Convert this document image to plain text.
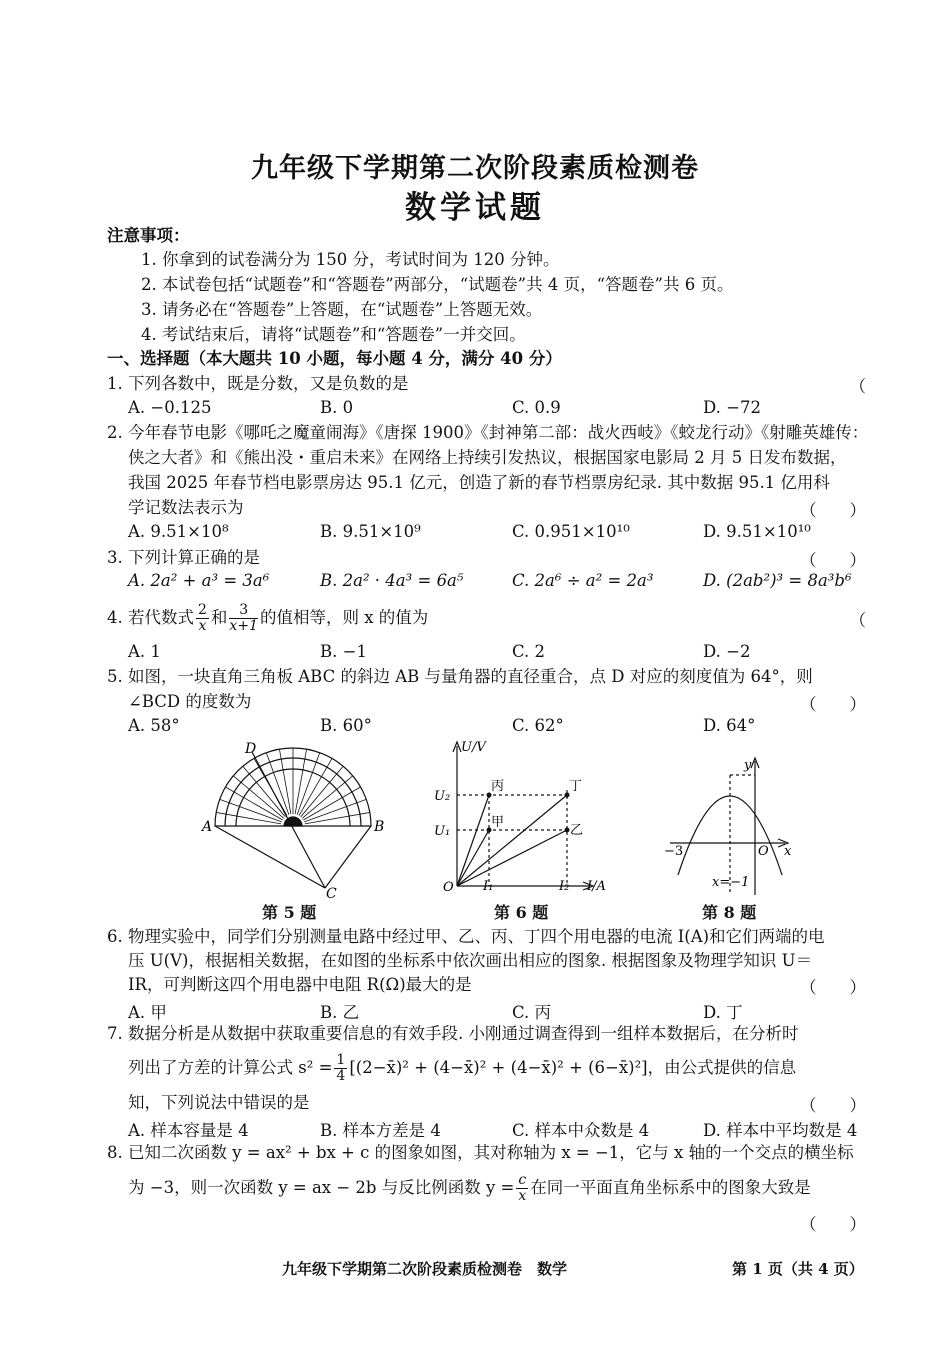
九年级下学期第二次阶段素质检测卷
数学试题
注意事项：
1. 你拿到的试卷满分为 150 分，考试时间为 120 分钟。
2. 本试卷包括“试题卷”和“答题卷”两部分，“试题卷”共 4 页，“答题卷”共 6 页。
3. 请务必在“答题卷”上答题，在“试题卷”上答题无效。
4. 考试结束后，请将“试题卷”和“答题卷”一并交回。
一、选择题（本大题共 10 小题，每小题 4 分，满分 40 分）
1. 下列各数中，既是分数，又是负数的是	（
A. −0.125	B. 0	C. 0.9	D. −72
2. 今年春节电影《哪吒之魔童闹海》《唐探 1900》《封神第二部：战火西岐》《蛟龙行动》《射雕英雄传：
侠之大者》和《熊出没・重启未来》在网络上持续引发热议，根据国家电影局 2 月 5 日发布数据，
我国 2025 年春节档电影票房达 95.1 亿元，创造了新的春节档票房纪录. 其中数据 95.1 亿用科
学记数法表示为	（　　）
A. 9.51×10⁸	B. 9.51×10⁹	C. 0.951×10¹⁰	D. 9.51×10¹⁰
3. 下列计算正确的是	（　　）
A. 2a² + a³ = 3a⁶	B. 2a² · 4a³ = 6a⁵	C. 2a⁶ ÷ a² = 2a³	D. (2ab²)³ = 8a³b⁶
4. 若代数式 $\frac{2}{x}$ 和 $\frac{3}{x+1}$ 的值相等，则 x 的值为	（
A. 1	B. −1	C. 2	D. −2
5. 如图，一块直角三角板 ABC 的斜边 AB 与量角器的直径重合，点 D 对应的刻度值为 64°，则
∠BCD 的度数为	（　　）
A. 58°	B. 60°	C. 62°	D. 64°
D
A	B
C
第 5 题
U/V
I/A
O
U₂
U₁
I₁	I₂
丙	丁
甲
乙
第 6 题
y
x
O
−3
x=−1
第 8 题
6. 物理实验中，同学们分别测量电路中经过甲、乙、丙、丁四个用电器的电流 I(A)和它们两端的电
压 U(V)，根据相关数据，在如图的坐标系中依次画出相应的图象. 根据图象及物理学知识 U＝
IR，可判断这四个用电器中电阻 R(Ω)最大的是	（　　）
A. 甲	B. 乙	C. 丙	D. 丁
7. 数据分析是从数据中获取重要信息的有效手段. 小刚通过调查得到一组样本数据后，在分析时
列出了方差的计算公式 $s^2 = \frac{1}{4}$ [(2−x̄)² + (4−x̄)² + (4−x̄)² + (6−x̄)²]，由公式提供的信息
知，下列说法中错误的是	（　　）
A. 样本容量是 4	B. 样本方差是 4	C. 样本中众数是 4	D. 样本中平均数是 4
8. 已知二次函数 y = ax² + bx + c 的图象如图，其对称轴为 x = −1，它与 x 轴的一个交点的横坐标
为 −3，则一次函数 y = ax − 2b 与反比例函数 $y = \frac{c}{x}$ 在同一平面直角坐标系中的图象大致是
（　　）
九年级下学期第二次阶段素质检测卷　数学	第 1 页（共 4 页）
